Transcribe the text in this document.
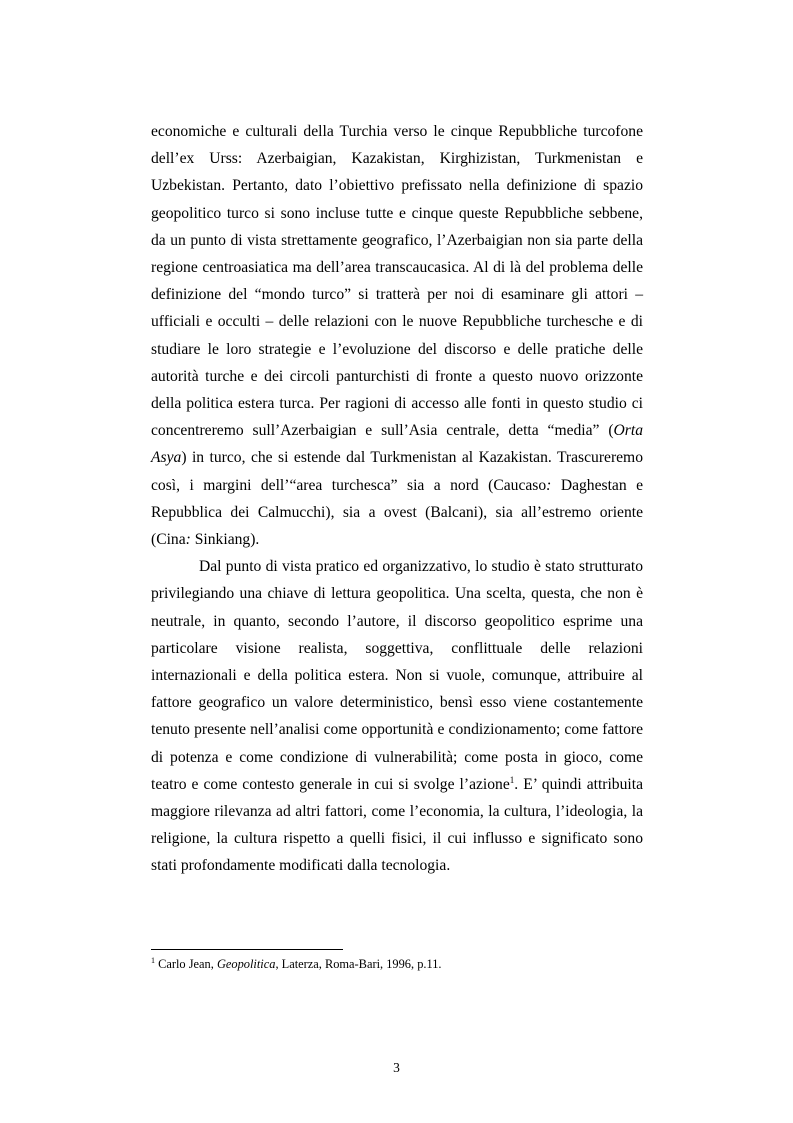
economiche e culturali della Turchia verso le cinque Repubbliche turcofone dell’ex Urss: Azerbaigian, Kazakistan, Kirghizistan, Turkmenistan e Uzbekistan. Pertanto, dato l’obiettivo prefissato nella definizione di spazio geopolitico turco si sono incluse tutte e cinque queste Repubbliche sebbene, da un punto di vista strettamente geografico, l’Azerbaigian non sia parte della regione centroasiatica ma dell’area transcaucasica. Al di là del problema delle definizione del “mondo turco” si tratterà per noi di esaminare gli attori – ufficiali e occulti – delle relazioni con le nuove Repubbliche turchesche e di studiare le loro strategie e l’evoluzione del discorso e delle pratiche delle autorità turche e dei circoli panturchisti di fronte a questo nuovo orizzonte della politica estera turca. Per ragioni di accesso alle fonti in questo studio ci concentreremo sull’Azerbaigian e sull’Asia centrale, detta “media” (Orta Asya) in turco, che si estende dal Turkmenistan al Kazakistan. Trascureremo così, i margini dell’“area turchesca” sia a nord (Caucaso: Daghestan e Repubblica dei Calmucchi), sia a ovest (Balcani), sia all’estremo oriente (Cina: Sinkiang).

Dal punto di vista pratico ed organizzativo, lo studio è stato strutturato privilegiando una chiave di lettura geopolitica. Una scelta, questa, che non è neutrale, in quanto, secondo l’autore, il discorso geopolitico esprime una particolare visione realista, soggettiva, conflittuale delle relazioni internazionali e della politica estera. Non si vuole, comunque, attribuire al fattore geografico un valore deterministico, bensì esso viene costantemente tenuto presente nell’analisi come opportunità e condizionamento; come fattore di potenza e come condizione di vulnerabilità; come posta in gioco, come teatro e come contesto generale in cui si svolge l’azione$^1$. E’ quindi attribuita maggiore rilevanza ad altri fattori, come l’economia, la cultura, l’ideologia, la religione, la cultura rispetto a quelli fisici, il cui influsso e significato sono stati profondamente modificati dalla tecnologia.

$^1$ Carlo Jean, Geopolitica, Laterza, Roma-Bari, 1996, p.11.
3
